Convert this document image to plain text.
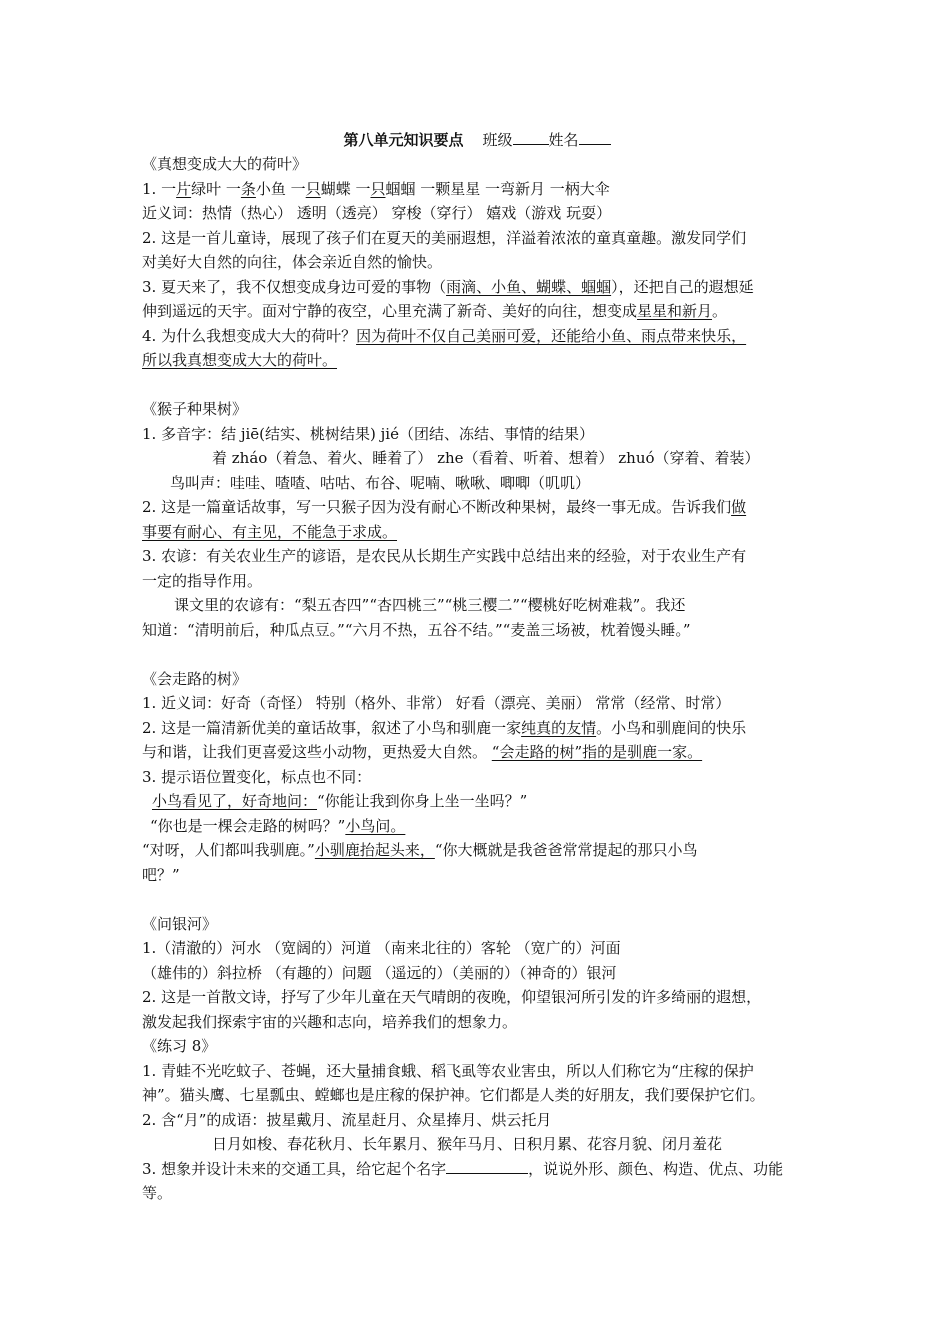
第八单元知识要点 班级 姓名
《真想变成大大的荷叶》
1. 一片绿叶 一条小鱼 一只蝴蝶 一只蝈蝈 一颗星星 一弯新月 一柄大伞
近义词：热情（热心） 透明（透亮） 穿梭（穿行） 嬉戏（游戏 玩耍）
2. 这是一首儿童诗，展现了孩子们在夏天的美丽遐想，洋溢着浓浓的童真童趣。激发同学们
对美好大自然的向往，体会亲近自然的愉快。
3. 夏天来了，我不仅想变成身边可爱的事物（雨滴、小鱼、蝴蝶、蝈蝈），还把自己的遐想延
伸到遥远的天宇。面对宁静的夜空，心里充满了新奇、美好的向往，想变成星星和新月。
4. 为什么我想变成大大的荷叶？因为荷叶不仅自己美丽可爱，还能给小鱼、雨点带来快乐，
所以我真想变成大大的荷叶。
《猴子种果树》
1. 多音字：结 jiē(结实、桃树结果) jié（团结、冻结、事情的结果）
着 zháo（着急、着火、睡着了） zhe（看着、听着、想着） zhuó（穿着、着装）
鸟叫声：哇哇、喳喳、咕咕、布谷、呢喃、啾啾、唧唧（叽叽）
2. 这是一篇童话故事，写一只猴子因为没有耐心不断改种果树，最终一事无成。告诉我们做
事要有耐心、有主见，不能急于求成。
3. 农谚：有关农业生产的谚语，是农民从长期生产实践中总结出来的经验，对于农业生产有
一定的指导作用。
课文里的农谚有：“梨五杏四”“杏四桃三”“桃三樱二”“樱桃好吃树难栽”。我还
知道：“清明前后，种瓜点豆。”“六月不热，五谷不结。”“麦盖三场被，枕着馒头睡。”
《会走路的树》
1. 近义词：好奇（奇怪） 特别（格外、非常） 好看（漂亮、美丽） 常常（经常、时常）
2. 这是一篇清新优美的童话故事，叙述了小鸟和驯鹿一家纯真的友情。小鸟和驯鹿间的快乐
与和谐，让我们更喜爱这些小动物，更热爱大自然。 “会走路的树”指的是驯鹿一家。
3. 提示语位置变化，标点也不同：
小鸟看见了，好奇地问：“你能让我到你身上坐一坐吗？”
“你也是一棵会走路的树吗？”小鸟问。
“对呀，人们都叫我驯鹿。”小驯鹿抬起头来，“你大概就是我爸爸常常提起的那只小鸟
吧？”
《问银河》
1.（清澈的）河水 （宽阔的）河道 （南来北往的）客轮 （宽广的）河面
（雄伟的）斜拉桥 （有趣的）问题 （遥远的）（美丽的）（神奇的）银河
2. 这是一首散文诗，抒写了少年儿童在天气晴朗的夜晚，仰望银河所引发的许多绮丽的遐想，
激发起我们探索宇宙的兴趣和志向，培养我们的想象力。
《练习 8》
1. 青蛙不光吃蚊子、苍蝇，还大量捕食蛾、稻飞虱等农业害虫，所以人们称它为“庄稼的保护
神”。猫头鹰、七星瓢虫、螳螂也是庄稼的保护神。它们都是人类的好朋友，我们要保护它们。
2. 含“月”的成语：披星戴月、流星赶月、众星捧月、烘云托月
日月如梭、春花秋月、长年累月、猴年马月、日积月累、花容月貌、闭月羞花
3. 想象并设计未来的交通工具，给它起个名字	，说说外形、颜色、构造、优点、功能
等。
